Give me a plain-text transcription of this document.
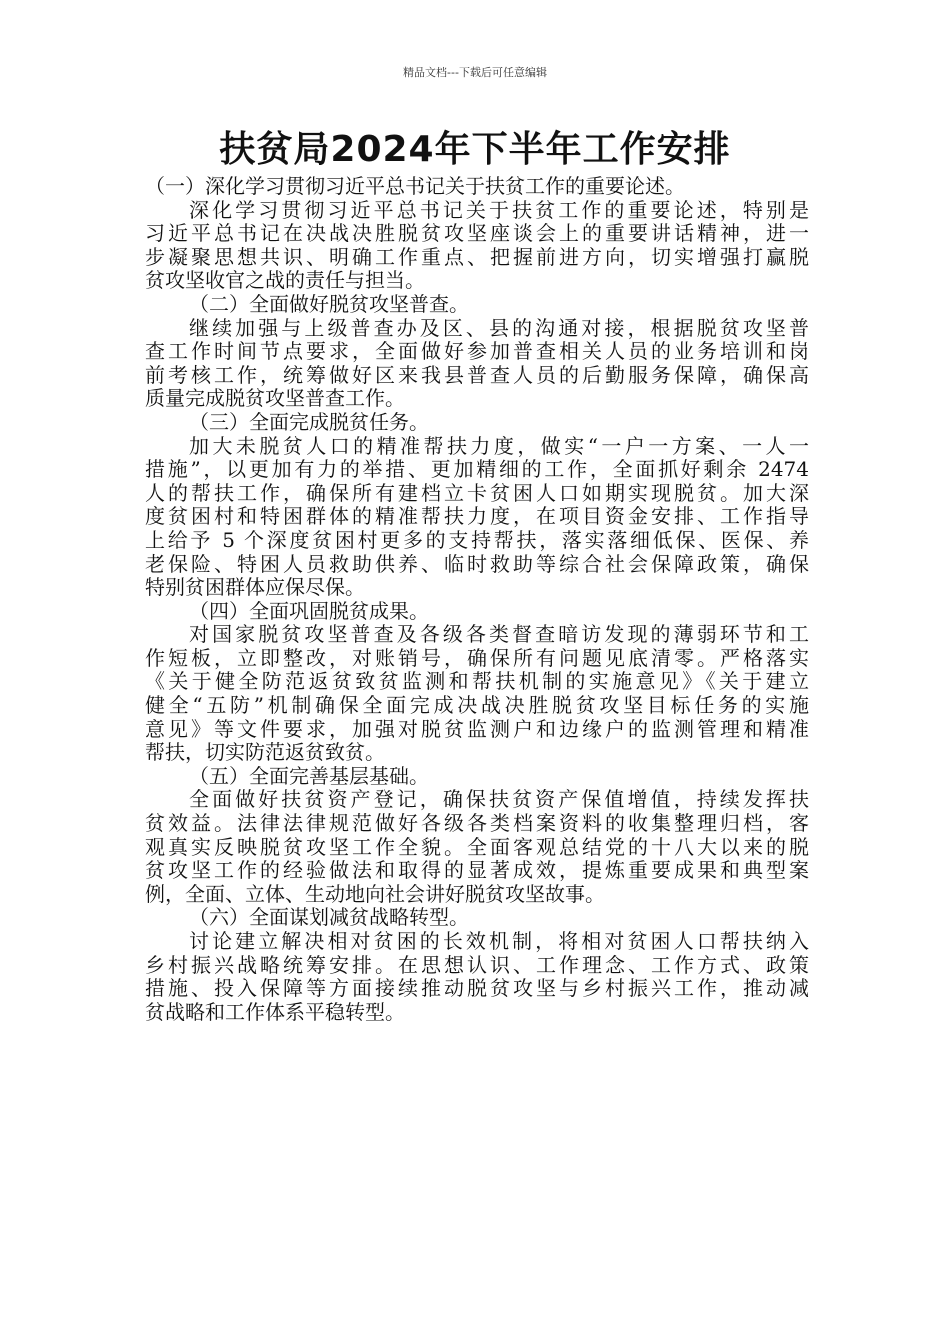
精品文档---下载后可任意编辑
扶贫局2024年下半年工作安排
（一）深化学习贯彻习近平总书记关于扶贫工作的重要论述。
深化学习贯彻习近平总书记关于扶贫工作的重要论述，特别是
习近平总书记在决战决胜脱贫攻坚座谈会上的重要讲话精神，进一
步凝聚思想共识、明确工作重点、把握前进方向，切实增强打赢脱
贫攻坚收官之战的责任与担当。
（二）全面做好脱贫攻坚普查。
继续加强与上级普查办及区、县的沟通对接，根据脱贫攻坚普
查工作时间节点要求，全面做好参加普查相关人员的业务培训和岗
前考核工作，统筹做好区来我县普查人员的后勤服务保障，确保高
质量完成脱贫攻坚普查工作。
（三）全面完成脱贫任务。
加大未脱贫人口的精准帮扶力度，做实“一户一方案、一人一
措施”，以更加有力的举措、更加精细的工作，全面抓好剩余 2474
人的帮扶工作，确保所有建档立卡贫困人口如期实现脱贫。加大深
度贫困村和特困群体的精准帮扶力度，在项目资金安排、工作指导
上给予 5 个深度贫困村更多的支持帮扶，落实落细低保、医保、养
老保险、特困人员救助供养、临时救助等综合社会保障政策，确保
特别贫困群体应保尽保。
（四）全面巩固脱贫成果。
对国家脱贫攻坚普查及各级各类督查暗访发现的薄弱环节和工
作短板，立即整改，对账销号，确保所有问题见底清零。严格落实
《关于健全防范返贫致贫监测和帮扶机制的实施意见》《关于建立
健全“五防”机制确保全面完成决战决胜脱贫攻坚目标任务的实施
意见》等文件要求，加强对脱贫监测户和边缘户的监测管理和精准
帮扶，切实防范返贫致贫。
（五）全面完善基层基础。
全面做好扶贫资产登记，确保扶贫资产保值增值，持续发挥扶
贫效益。法律法律规范做好各级各类档案资料的收集整理归档，客
观真实反映脱贫攻坚工作全貌。全面客观总结党的十八大以来的脱
贫攻坚工作的经验做法和取得的显著成效，提炼重要成果和典型案
例，全面、立体、生动地向社会讲好脱贫攻坚故事。
（六）全面谋划减贫战略转型。
讨论建立解决相对贫困的长效机制，将相对贫困人口帮扶纳入
乡村振兴战略统筹安排。在思想认识、工作理念、工作方式、政策
措施、投入保障等方面接续推动脱贫攻坚与乡村振兴工作，推动减
贫战略和工作体系平稳转型。
